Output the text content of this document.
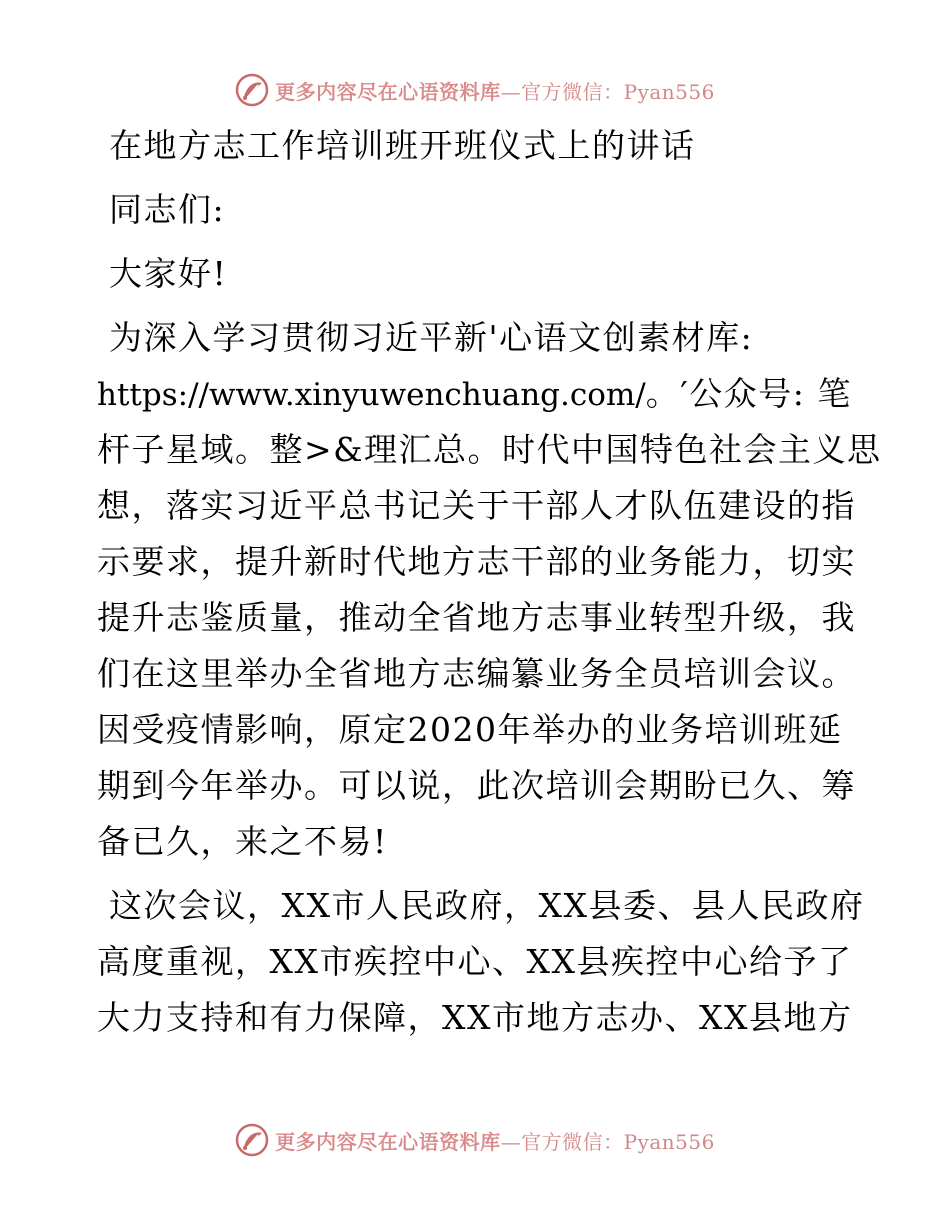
更多内容尽在心语资料库—官方微信：Pyan556
在地方志工作培训班开班仪式上的讲话
同志们:
大家好!
为深入学习贯彻习近平新'心语文创素材库:
https://www.xinyuwenchuang.com/。′公众号: 笔
杆子星域。整>&理汇总。时代中国特色社会主义思
想，落实习近平总书记关于干部人才队伍建设的指
示要求，提升新时代地方志干部的业务能力，切实
提升志鉴质量，推动全省地方志事业转型升级，我
们在这里举办全省地方志编纂业务全员培训会议。
因受疫情影响，原定2020年举办的业务培训班延
期到今年举办。可以说，此次培训会期盼已久、筹
备已久，来之不易!
这次会议，XX市人民政府，XX县委、县人民政府
高度重视，XX市疾控中心、XX县疾控中心给予了
大力支持和有力保障，XX市地方志办、XX县地方
更多内容尽在心语资料库—官方微信：Pyan556
